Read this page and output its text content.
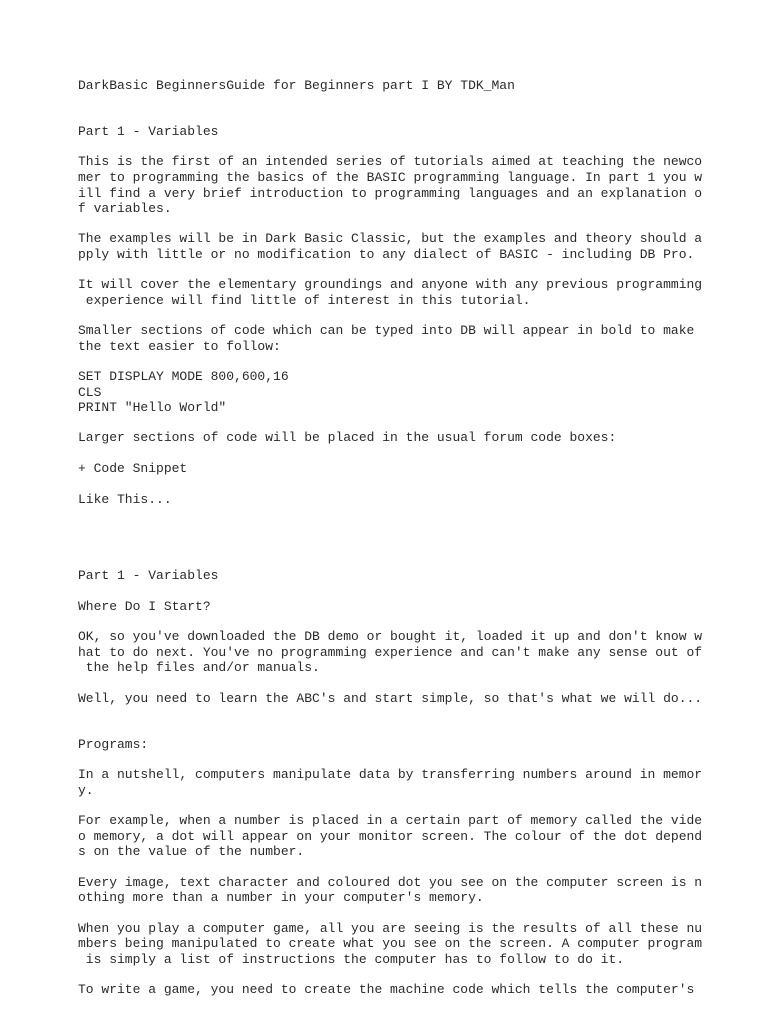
DarkBasic BeginnersGuide for Beginners part I BY TDK_Man

Part 1 - Variables

This is the first of an intended series of tutorials aimed at teaching the newco

mer to programming the basics of the BASIC programming language. In part 1 you w

ill find a very brief introduction to programming languages and an explanation o

f variables.

The examples will be in Dark Basic Classic, but the examples and theory should a

pply with little or no modification to any dialect of BASIC - including DB Pro.

It will cover the elementary groundings and anyone with any previous programming

experience will find little of interest in this tutorial.

Smaller sections of code which can be typed into DB will appear in bold to make

the text easier to follow:

SET DISPLAY MODE 800,600,16

CLS

PRINT "Hello World"

Larger sections of code will be placed in the usual forum code boxes:

+ Code Snippet

Like This...

Part 1 - Variables

Where Do I Start?

OK, so you've downloaded the DB demo or bought it, loaded it up and don't know w

hat to do next. You've no programming experience and can't make any sense out of

the help files and/or manuals.

Well, you need to learn the ABC's and start simple, so that's what we will do...

Programs:

In a nutshell, computers manipulate data by transferring numbers around in memor

y.

For example, when a number is placed in a certain part of memory called the vide

o memory, a dot will appear on your monitor screen. The colour of the dot depend

s on the value of the number.

Every image, text character and coloured dot you see on the computer screen is n

othing more than a number in your computer's memory.

When you play a computer game, all you are seeing is the results of all these nu

mbers being manipulated to create what you see on the screen. A computer program

is simply a list of instructions the computer has to follow to do it.

To write a game, you need to create the machine code which tells the computer's
